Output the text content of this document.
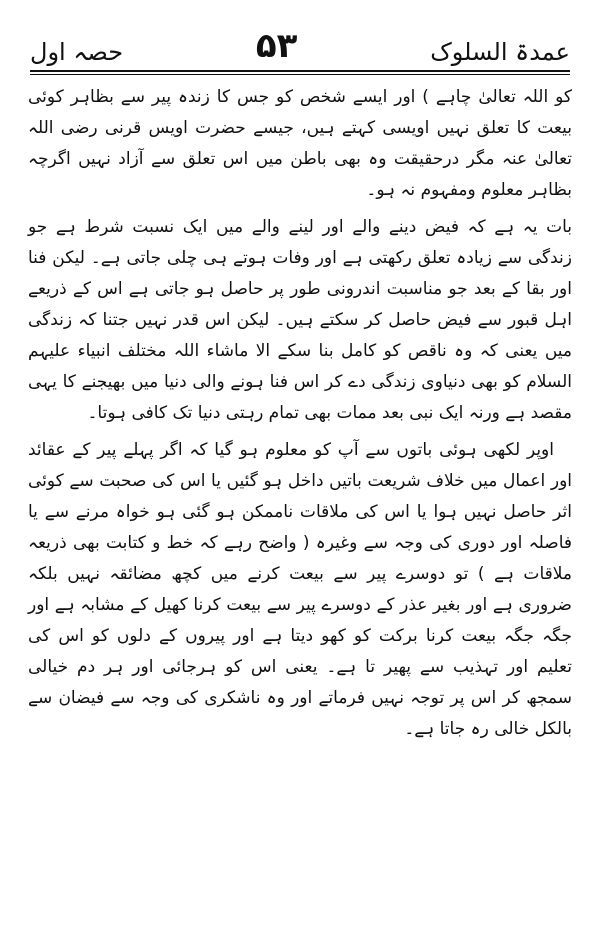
حصہ اول	۵۳	عمدۃ السلوک

کو اللہ تعالیٰ چاہے ) اور ایسے شخص کو جس کا زندہ پیر سے بظاہر کوئی بیعت کا تعلق نہیں اویسی کہتے ہیں، جیسے حضرت اویس قرنی رضی اللہ تعالیٰ عنہ مگر درحقیقت وہ بھی باطن میں اس تعلق سے آزاد نہیں اگرچہ بظاہر معلوم ومفہوم نہ ہو۔

بات یہ ہے کہ فیض دینے والے اور لینے والے میں ایک نسبت شرط ہے جو زندگی سے زیادہ تعلق رکھتی ہے اور وفات ہوتے ہی چلی جاتی ہے۔ لیکن فنا اور بقا کے بعد جو مناسبت اندرونی طور پر حاصل ہو جاتی ہے اس کے ذریعے اہل قبور سے فیض حاصل کر سکتے ہیں۔ لیکن اس قدر نہیں جتنا کہ زندگی میں یعنی کہ وہ ناقص کو کامل بنا سکے الا ماشاء اللہ مختلف انبیاء علیہم السلام کو بھی دنیاوی زندگی دے کر اس فنا ہونے والی دنیا میں بھیجنے کا یہی مقصد ہے ورنہ ایک نبی بعد ممات بھی تمام رہتی دنیا تک کافی ہوتا۔

اوپر لکھی ہوئی باتوں سے آپ کو معلوم ہو گیا کہ اگر پہلے پیر کے عقائد اور اعمال میں خلاف شریعت باتیں داخل ہو گئیں یا اس کی صحبت سے کوئی اثر حاصل نہیں ہوا یا اس کی ملاقات ناممکن ہو گئی ہو خواہ مرنے سے یا فاصلہ اور دوری کی وجہ سے وغیرہ ( واضح رہے کہ خط و کتابت بھی ذریعہ ملاقات ہے ) تو دوسرے پیر سے بیعت کرنے میں کچھ مضائقہ نہیں بلکہ ضروری ہے اور بغیر عذر کے دوسرے پیر سے بیعت کرنا کھیل کے مشابہ ہے اور جگہ جگہ بیعت کرنا برکت کو کھو دیتا ہے اور پیروں کے دلوں کو اس کی تعلیم اور تہذیب سے پھیر تا ہے۔ یعنی اس کو ہرجائی اور ہر دم خیالی سمجھ کر اس پر توجہ نہیں فرماتے اور وہ ناشکری کی وجہ سے فیضان سے بالکل خالی رہ جاتا ہے۔
